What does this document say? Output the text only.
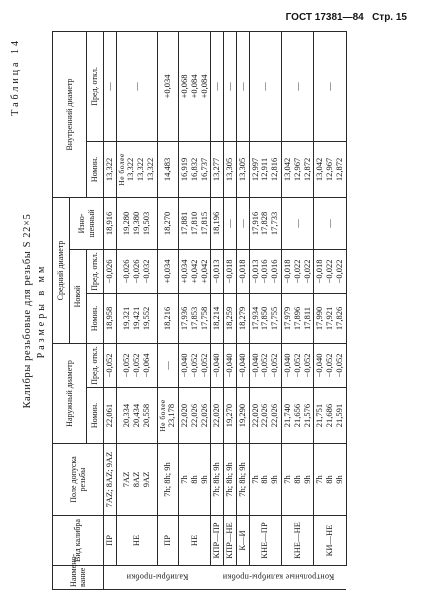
ГОСТ 17381—84 Стр. 15
Таблица 14
Калибры резьбовые для резьбы S 22×5 Размеры в мм
Наимено-вание	Вид калибра	Поле допуска резьбы	Наружный диаметр		Средний диаметр			Внутренний диаметр	
					Новой		Изно-шенный		
			Номин.	Пред. откл.	Номин.	Пред. откл.		Номин.	Пред. откл.
Калибры-пробки	ПР	7AZ; 8AZ; 9AZ	22,061	−0,052	18,958	−0,026	18,916	13,322	—

	НЕ	7AZ 8AZ 9AZ	20,334 20,434 20,558	−0,052 −0,052 −0,064	19,321 19,421 19,552	−0,026 −0,026 −0,032	19,280 19,380 19,503	Не более 13,322 13,322 13,322	—

	ПР	7h; 8h; 9h	Не более 23,178	—	18,216	+0,034	18,270	14,483	+0,034

	НЕ	7h 8h 9h	22,020 22,026 22,026	−0,040 −0,052 −0,052	17,936 17,853 17,758	+0,034 +0,042 +0,042	17,881 17,810 17,815	16,919 16,832 16,737	+0,068 +0,084 +0,084

Контрольные калибры-пробки	КПР—ПР	7h; 8h; 9h	22,020	−0,040	18,214	−0,013	18,196	13,277	—

	КПР—НЕ	7h; 8h; 9h	19,270	−0,040	18,259	−0,018	—	13,305	—

	К—И	7h; 8h; 9h	19,290	−0,040	18,279	−0,018	—	13,305	—

	КНЕ—ПР	7h 8h 9h	22,020 22,026 22,026	−0,040 −0,052 −0,052	17,934 17,850 17,755	−0,013 −0,016 −0,016	17,916 17,828 17,733	12,997 12,911 12,816	—

	КНЕ—НЕ	7h 8h 9h	21,740 21,656 21,576	−0,040 −0,052 −0,052	17,979 17,896 17,811	−0,018 −0,022 −0,022	—	13,042 12,967 12,872	—

	КИ—НЕ	7h 8h 9h	21,751 21,686 21,591	−0,040 −0,052 −0,052	17,990 17,921 17,826	−0,018 −0,022 −0,022	—	13,042 12,967 12,872	—
